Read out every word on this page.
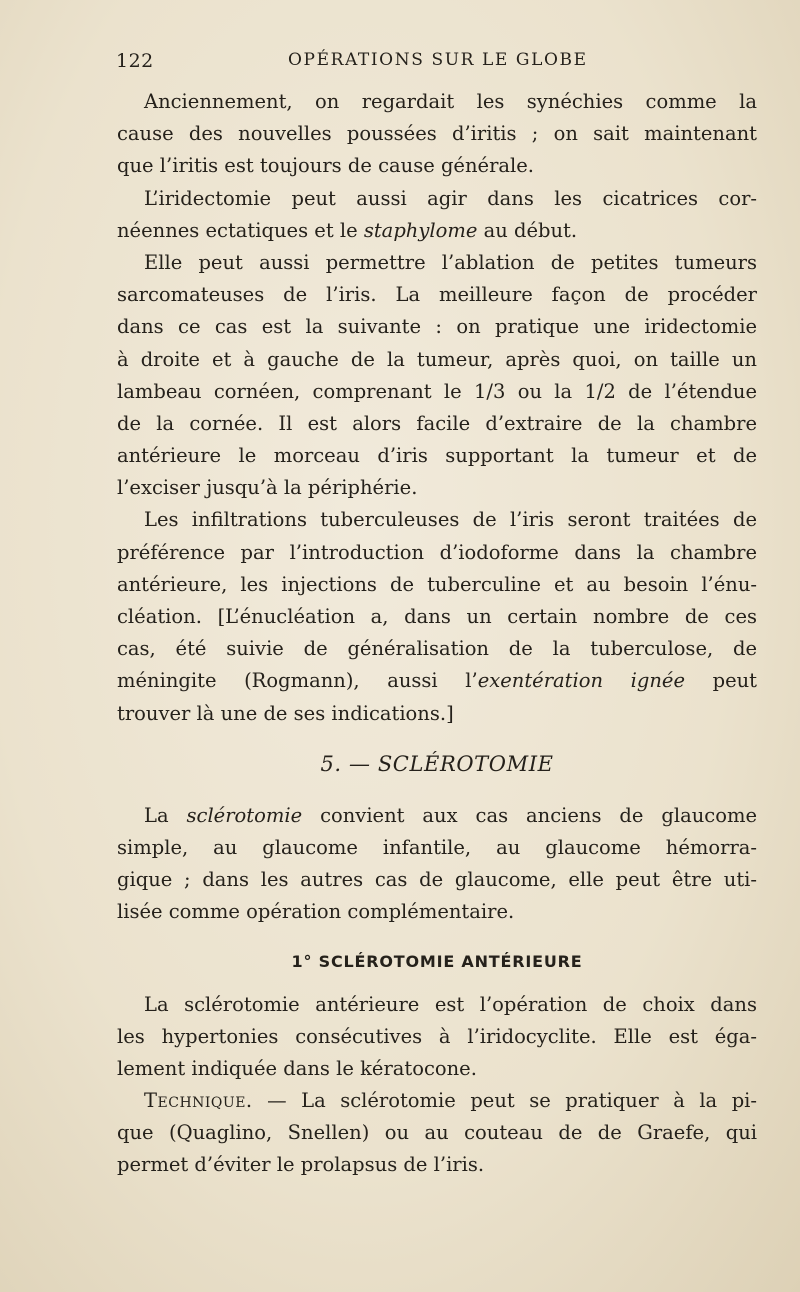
122	OPÉRATIONS SUR LE GLOBE
Anciennement, on regardait les synéchies comme la
cause des nouvelles poussées d’iritis ; on sait maintenant
que l’iritis est toujours de cause générale.
L’iridectomie peut aussi agir dans les cicatrices cor-
néennes ectatiques et le staphylome au début.
Elle peut aussi permettre l’ablation de petites tumeurs
sarcomateuses de l’iris. La meilleure façon de procéder
dans ce cas est la suivante : on pratique une iridectomie
à droite et à gauche de la tumeur, après quoi, on taille un
lambeau cornéen, comprenant le 1/3 ou la 1/2 de l’étendue
de la cornée. Il est alors facile d’extraire de la chambre
antérieure le morceau d’iris supportant la tumeur et de
l’exciser jusqu’à la périphérie.
Les infiltrations tuberculeuses de l’iris seront traitées de
préférence par l’introduction d’iodoforme dans la chambre
antérieure, les injections de tuberculine et au besoin l’énu-
cléation. [L’énucléation a, dans un certain nombre de ces
cas, été suivie de généralisation de la tuberculose, de
méningite (Rogmann), aussi l’exentération ignée peut
trouver là une de ses indications.]
5. — SCLÉROTOMIE
La sclérotomie convient aux cas anciens de glaucome
simple, au glaucome infantile, au glaucome hémorra-
gique ; dans les autres cas de glaucome, elle peut être uti-
lisée comme opération complémentaire.
1° SCLÉROTOMIE ANTÉRIEURE
La sclérotomie antérieure est l’opération de choix dans
les hypertonies consécutives à l’iridocyclite. Elle est éga-
lement indiquée dans le kératocone.
Technique. — La sclérotomie peut se pratiquer à la pi-
que (Quaglino, Snellen) ou au couteau de de Graefe, qui
permet d’éviter le prolapsus de l’iris.
